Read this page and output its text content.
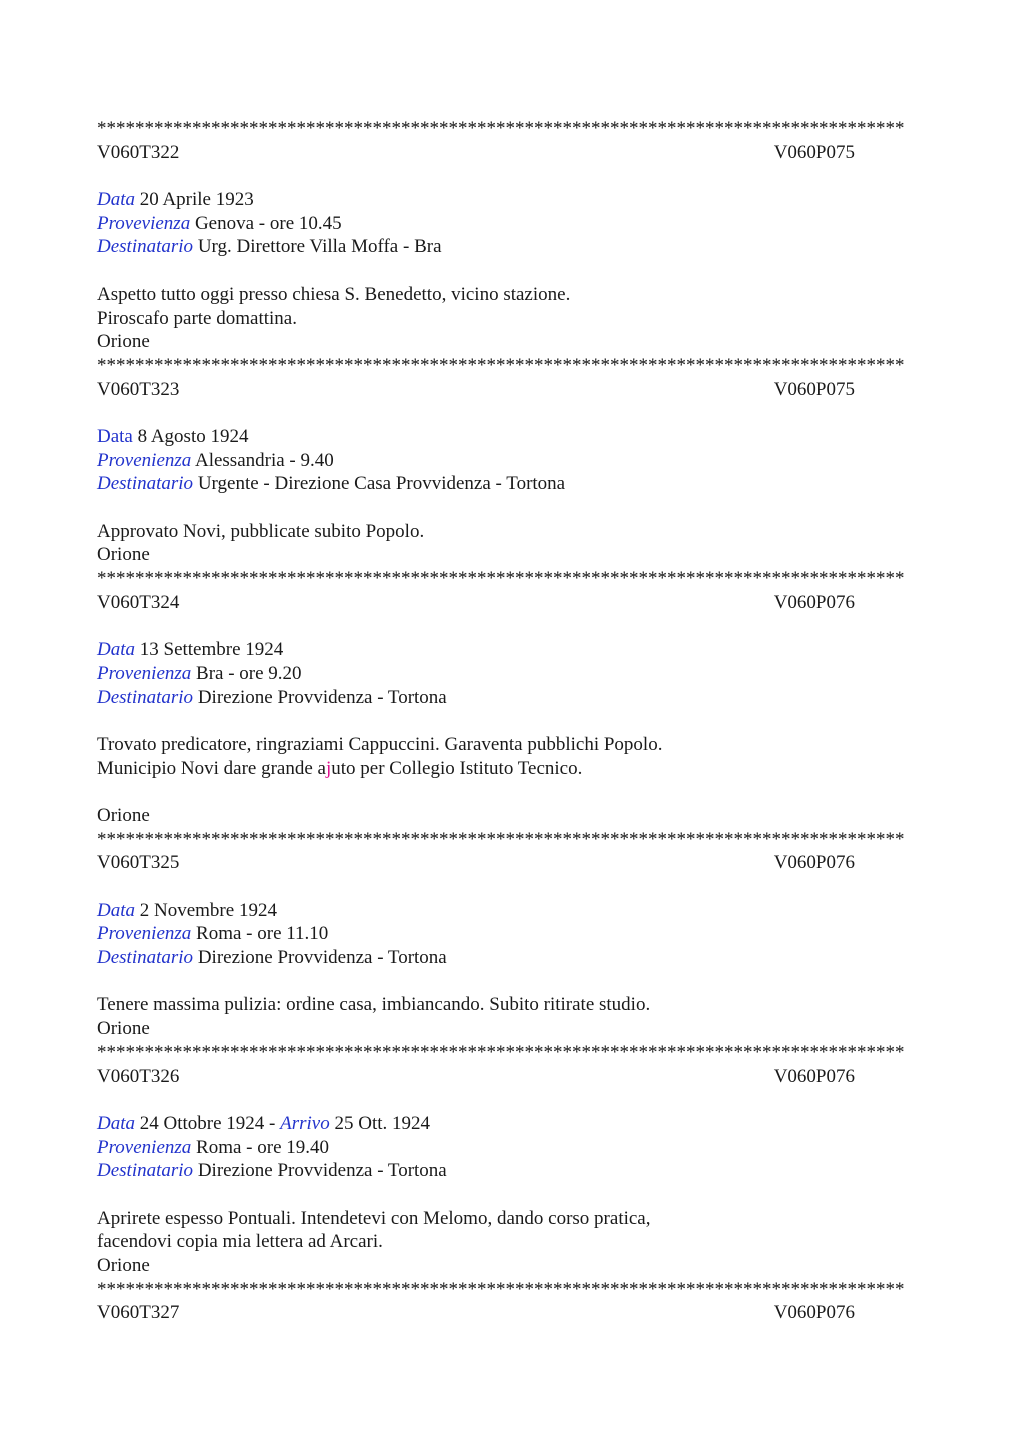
*************************************************************************************
V060T322	V060P075
Data 20 Aprile 1923
Provevienza Genova - ore 10.45
Destinatario Urg. Direttore Villa Moffa - Bra
Aspetto tutto oggi presso chiesa S. Benedetto, vicino stazione.
Piroscafo parte domattina.
Orione
*************************************************************************************
V060T323	V060P075
Data 8 Agosto 1924
Provenienza Alessandria - 9.40
Destinatario Urgente - Direzione Casa Provvidenza - Tortona
Approvato Novi, pubblicate subito Popolo.
Orione
*************************************************************************************
V060T324	V060P076
Data 13 Settembre 1924
Provenienza Bra - ore 9.20
Destinatario Direzione Provvidenza - Tortona
Trovato predicatore, ringraziami Cappuccini. Garaventa pubblichi Popolo.
Municipio Novi dare grande ajuto per Collegio Istituto Tecnico.
Orione
*************************************************************************************
V060T325	V060P076
Data 2 Novembre 1924
Provenienza Roma - ore 11.10
Destinatario Direzione Provvidenza - Tortona
Tenere massima pulizia: ordine casa, imbiancando. Subito ritirate studio.
Orione
*************************************************************************************
V060T326	V060P076
Data 24 Ottobre 1924 - Arrivo 25 Ott. 1924
Provenienza Roma - ore 19.40
Destinatario Direzione Provvidenza - Tortona
Aprirete espesso Pontuali. Intendetevi con Melomo, dando corso pratica,
facendovi copia mia lettera ad Arcari.
Orione
*************************************************************************************
V060T327	V060P076
